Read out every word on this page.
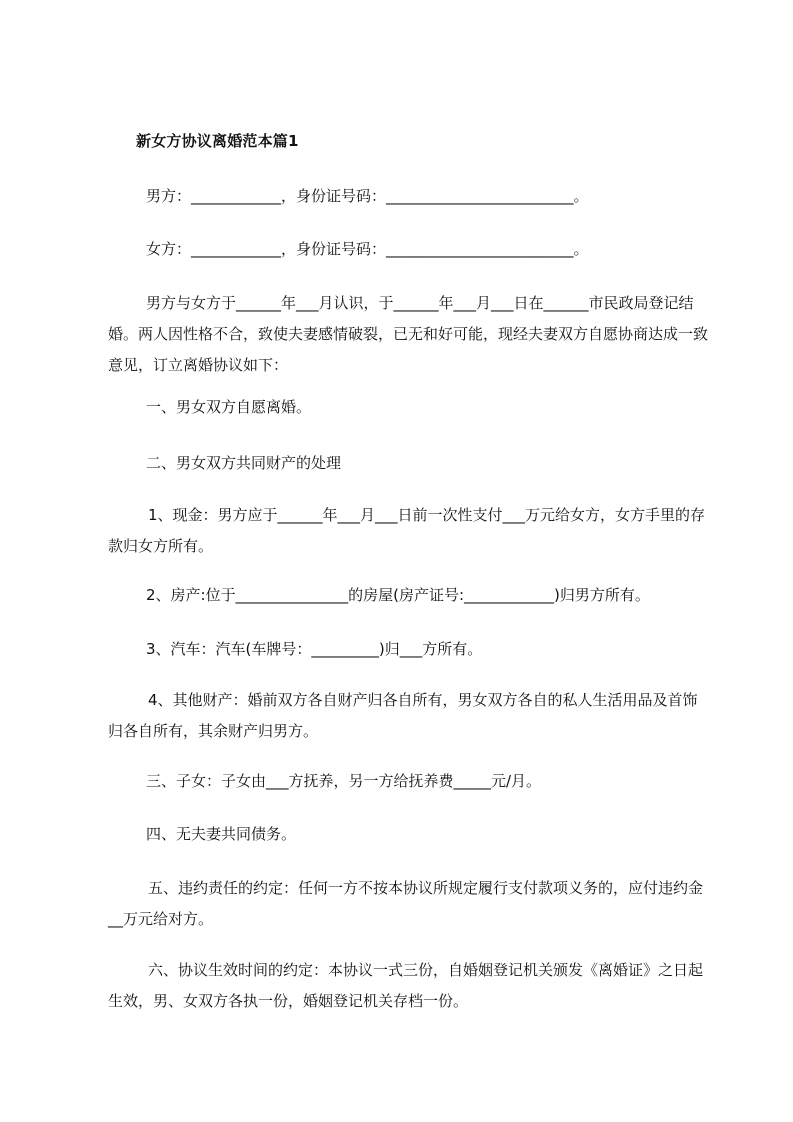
新女方协议离婚范本篇1
男方：____________，身份证号码：_________________________。
女方：____________，身份证号码：_________________________。
男方与女方于______年___月认识，于______年___月___日在______市民政局登记结婚。两人因性格不合，致使夫妻感情破裂，已无和好可能，现经夫妻双方自愿协商达成一致意见，订立离婚协议如下：
一、男女双方自愿离婚。
二、男女双方共同财产的处理
1、现金：男方应于______年___月___日前一次性支付___万元给女方，女方手里的存款归女方所有。
2、房产:位于_______________的房屋(房产证号:____________)归男方所有。
3、汽车：汽车(车牌号：_________)归___方所有。
4、其他财产：婚前双方各自财产归各自所有，男女双方各自的私人生活用品及首饰归各自所有，其余财产归男方。
三、子女：子女由___方抚养，另一方给抚养费_____元/月。
四、无夫妻共同债务。
五、违约责任的约定：任何一方不按本协议所规定履行支付款项义务的，应付违约金__万元给对方。
六、协议生效时间的约定：本协议一式三份，自婚姻登记机关颁发《离婚证》之日起生效，男、女双方各执一份，婚姻登记机关存档一份。
